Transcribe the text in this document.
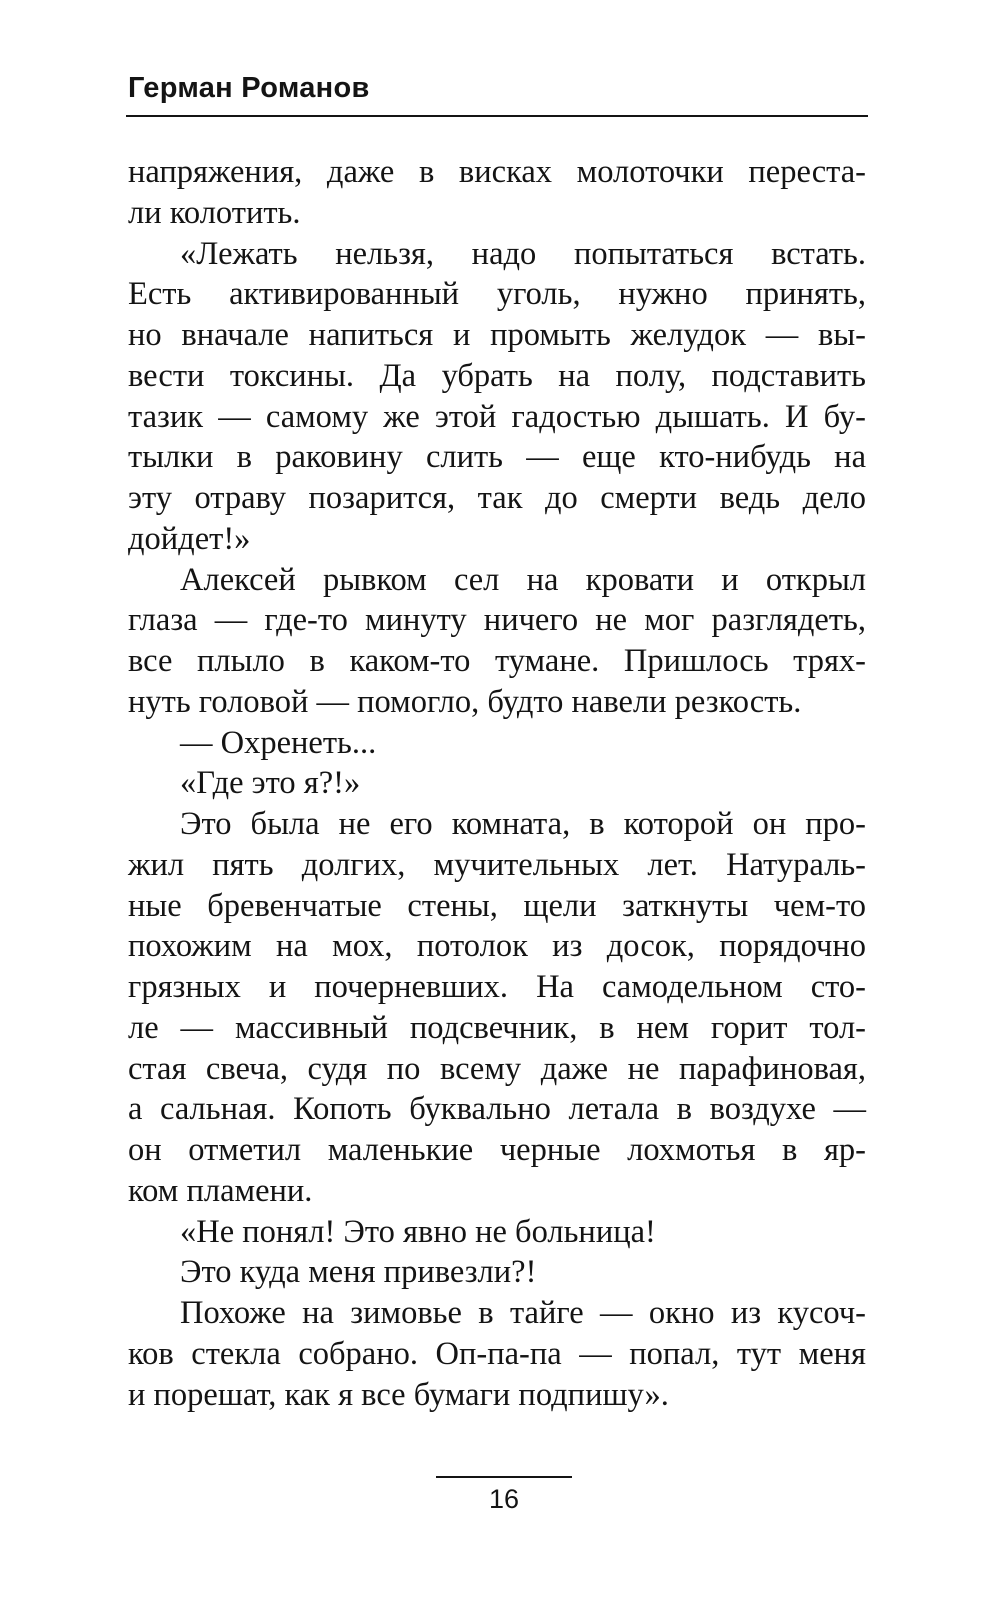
Герман Романов
напряжения, даже в висках молоточки переста-
ли колотить.
«Лежать нельзя, надо попытаться встать.
Есть активированный уголь, нужно принять,
но вначале напиться и промыть желудок — вы-
вести токсины. Да убрать на полу, подставить
тазик — самому же этой гадостью дышать. И бу-
тылки в раковину слить — еще кто-нибудь на
эту отраву позарится, так до смерти ведь дело
дойдет!»
Алексей рывком сел на кровати и открыл
глаза — где-то минуту ничего не мог разглядеть,
все плыло в каком-то тумане. Пришлось трях-
нуть головой — помогло, будто навели резкость.
— Охренеть...
«Где это я?!»
Это была не его комната, в которой он про-
жил пять долгих, мучительных лет. Натураль-
ные бревенчатые стены, щели заткнуты чем-то
похожим на мох, потолок из досок, порядочно
грязных и почерневших. На самодельном сто-
ле — массивный подсвечник, в нем горит тол-
стая свеча, судя по всему даже не парафиновая,
а сальная. Копоть буквально летала в воздухе —
он отметил маленькие черные лохмотья в яр-
ком пламени.
«Не понял! Это явно не больница!
Это куда меня привезли?!
Похоже на зимовье в тайге — окно из кусоч-
ков стекла собрано. Оп-па-па — попал, тут меня
и порешат, как я все бумаги подпишу».
16
